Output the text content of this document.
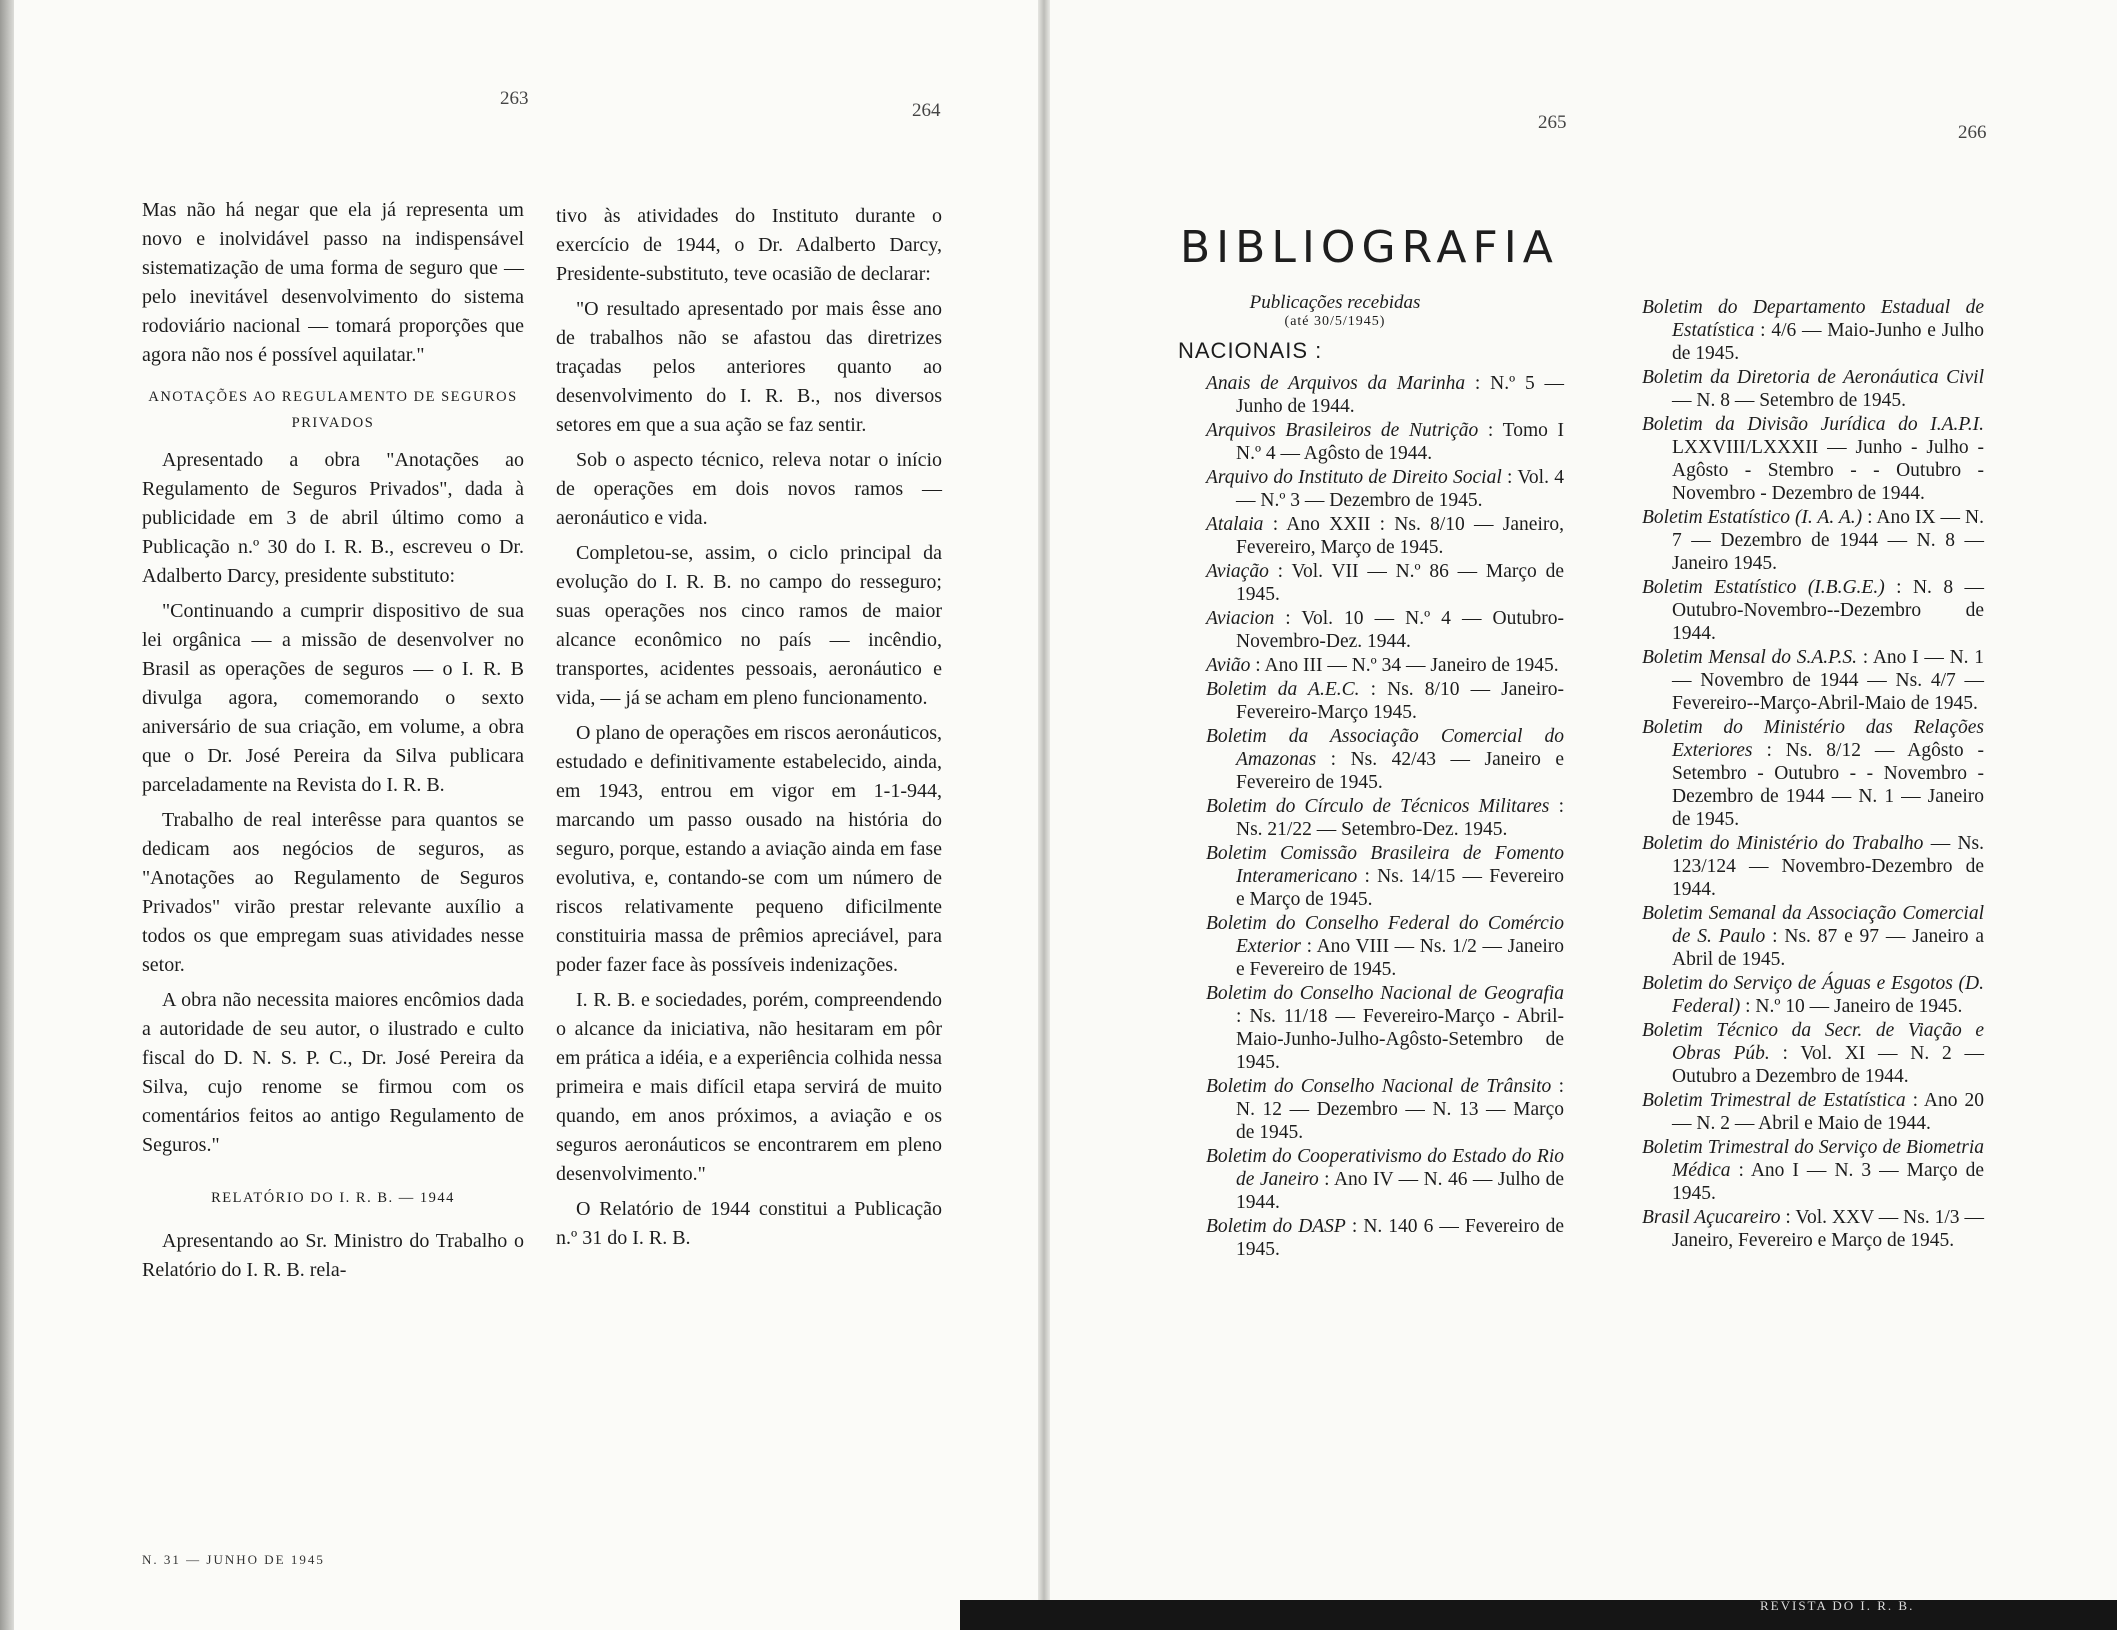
263
264
265	266

Mas não há negar que ela já representa um novo e inolvidável passo na indispensável sistematização de uma forma de seguro que — pelo inevitável desenvolvimento do sistema rodoviário nacional — tomará proporções que agora não nos é possível aquilatar."

ANOTAÇÕES AO REGULAMENTO DE SEGUROS PRIVADOS

Apresentado a obra "Anotações ao Regulamento de Seguros Privados", dada à publicidade em 3 de abril último como a Publicação n.º 30 do I. R. B., escreveu o Dr. Adalberto Darcy, presidente substituto:

"Continuando a cumprir dispositivo de sua lei orgânica — a missão de desenvolver no Brasil as operações de seguros — o I. R. B divulga agora, comemorando o sexto aniversário de sua criação, em volume, a obra que o Dr. José Pereira da Silva publicara parceladamente na Revista do I. R. B.

Trabalho de real interêsse para quantos se dedicam aos negócios de seguros, as "Anotações ao Regulamento de Seguros Privados" virão prestar relevante auxílio a todos os que empregam suas atividades nesse setor.

A obra não necessita maiores encômios dada a autoridade de seu autor, o ilustrado e culto fiscal do D. N. S. P. C., Dr. José Pereira da Silva, cujo renome se firmou com os comentários feitos ao antigo Regulamento de Seguros."

RELATÓRIO DO I. R. B. — 1944

Apresentando ao Sr. Ministro do Trabalho o Relatório do I. R. B. rela-

tivo às atividades do Instituto durante o exercício de 1944, o Dr. Adalberto Darcy, Presidente-substituto, teve ocasião de declarar:

"O resultado apresentado por mais êsse ano de trabalhos não se afastou das diretrizes traçadas pelos anteriores quanto ao desenvolvimento do I. R. B., nos diversos setores em que a sua ação se faz sentir.

Sob o aspecto técnico, releva notar o início de operações em dois novos ramos — aeronáutico e vida.

Completou-se, assim, o ciclo principal da evolução do I. R. B. no campo do resseguro; suas operações nos cinco ramos de maior alcance econômico no país — incêndio, transportes, acidentes pessoais, aeronáutico e vida, — já se acham em pleno funcionamento.

O plano de operações em riscos aeronáuticos, estudado e definitivamente estabelecido, ainda, em 1943, entrou em vigor em 1-1-944, marcando um passo ousado na história do seguro, porque, estando a aviação ainda em fase evolutiva, e, contando-se com um número de riscos relativamente pequeno dificilmente constituiria massa de prêmios apreciável, para poder fazer face às possíveis indenizações.

I. R. B. e sociedades, porém, compreendendo o alcance da iniciativa, não hesitaram em pôr em prática a idéia, e a experiência colhida nessa primeira e mais difícil etapa servirá de muito quando, em anos próximos, a aviação e os seguros aeronáuticos se encontrarem em pleno desenvolvimento."

O Relatório de 1944 constitui a Publicação n.º 31 do I. R. B.

N. 31 — JUNHO DE 1945
REVISTA DO I. R. B.
BIBLIOGRAFIA
Publicações recebidas
(até 30/5/1945)
NACIONAIS :
Anais de Arquivos da Marinha : N.º 5 — Junho de 1944.
Arquivos Brasileiros de Nutrição : Tomo I N.º 4 — Agôsto de 1944.
Arquivo do Instituto de Direito Social : Vol. 4 — N.º 3 — Dezembro de 1945.
Atalaia : Ano XXII : Ns. 8/10 — Janeiro, Fevereiro, Março de 1945.
Aviação : Vol. VII — N.º 86 — Março de 1945.
Aviacion : Vol. 10 — N.º 4 — Outubro-Novembro-Dez. 1944.
Avião : Ano III — N.º 34 — Janeiro de 1945.
Boletim da A.E.C. : Ns. 8/10 — Janeiro-Fevereiro-Março 1945.
Boletim da Associação Comercial do Amazonas : Ns. 42/43 — Janeiro e Fevereiro de 1945.
Boletim do Círculo de Técnicos Militares : Ns. 21/22 — Setembro-Dez. 1945.
Boletim Comissão Brasileira de Fomento Interamericano : Ns. 14/15 — Fevereiro e Março de 1945.
Boletim do Conselho Federal do Comércio Exterior : Ano VIII — Ns. 1/2 — Janeiro e Fevereiro de 1945.
Boletim do Conselho Nacional de Geografia : Ns. 11/18 — Fevereiro-Março - Abril-Maio-Junho-Julho-Agôsto-Setembro de 1945.
Boletim do Conselho Nacional de Trânsito : N. 12 — Dezembro — N. 13 — Março de 1945.
Boletim do Cooperativismo do Estado do Rio de Janeiro : Ano IV — N. 46 — Julho de 1944.
Boletim do DASP : N. 140 6 — Fevereiro de 1945.
Boletim do Departamento Estadual de Estatística : 4/6 — Maio-Junho e Julho de 1945.
Boletim da Diretoria de Aeronáutica Civil — N. 8 — Setembro de 1945.
Boletim da Divisão Jurídica do I.A.P.I. LXXVIII/LXXXII — Junho - Julho - Agôsto - Stembro - - Outubro - Novembro - Dezembro de 1944.
Boletim Estatístico (I. A. A.) : Ano IX — N. 7 — Dezembro de 1944 — N. 8 — Janeiro 1945.
Boletim Estatístico (I.B.G.E.) : N. 8 — Outubro-Novembro--Dezembro de 1944.
Boletim Mensal do S.A.P.S. : Ano I — N. 1 — Novembro de 1944 — Ns. 4/7 — Fevereiro--Março-Abril-Maio de 1945.
Boletim do Ministério das Relações Exteriores : Ns. 8/12 — Agôsto - Setembro - Outubro - - Novembro - Dezembro de 1944 — N. 1 — Janeiro de 1945.
Boletim do Ministério do Trabalho — Ns. 123/124 — Novembro-Dezembro de 1944.
Boletim Semanal da Associação Comercial de S. Paulo : Ns. 87 e 97 — Janeiro a Abril de 1945.
Boletim do Serviço de Águas e Esgotos (D. Federal) : N.º 10 — Janeiro de 1945.
Boletim Técnico da Secr. de Viação e Obras Púb. : Vol. XI — N. 2 — Outubro a Dezembro de 1944.
Boletim Trimestral de Estatística : Ano 20 — N. 2 — Abril e Maio de 1944.
Boletim Trimestral do Serviço de Biometria Médica : Ano I — N. 3 — Março de 1945.
Brasil Açucareiro : Vol. XXV — Ns. 1/3 — Janeiro, Fevereiro e Março de 1945.
